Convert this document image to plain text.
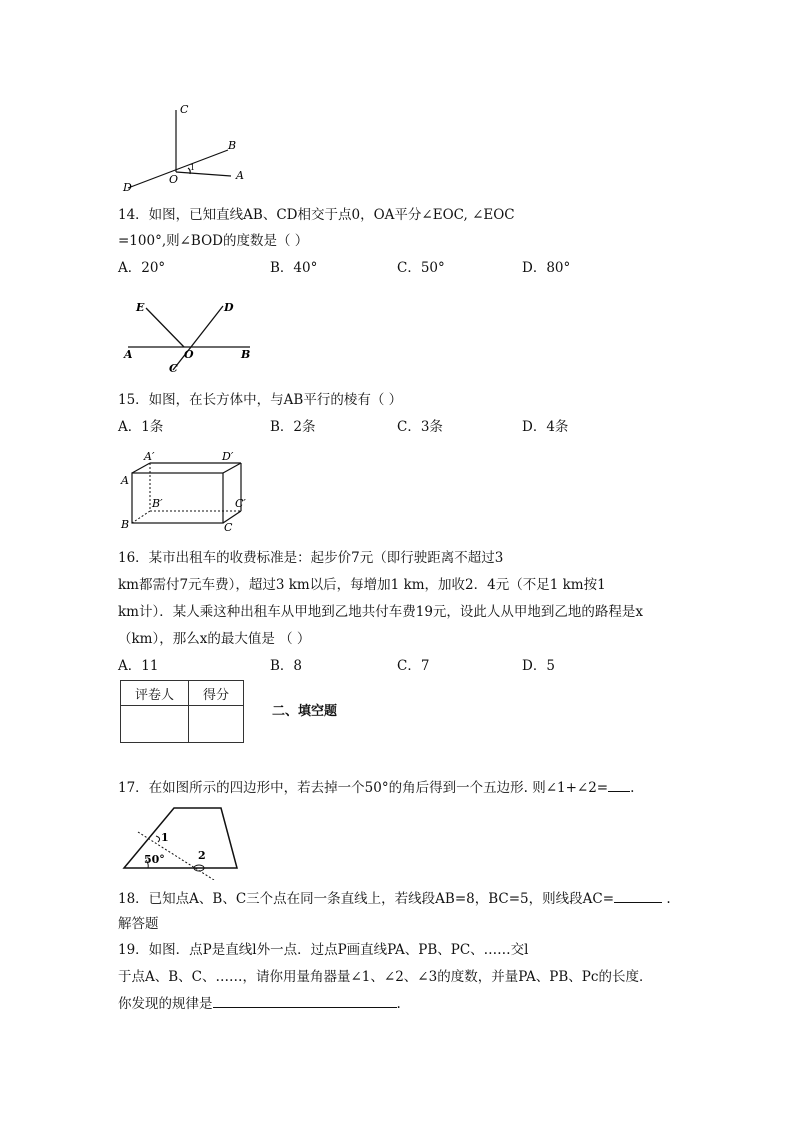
C
B
A
O
D
1
14．如图，已知直线AB、CD相交于点0，OA平分∠EOC, ∠EOC
=100°,则∠BOD的度数是（ ）
A．20°	B．40°	C．50°	D．80°
E	D
A	O	B
C
15．如图，在长方体中，与AB平行的棱有（ ）
A．1条	B．2条	C．3条	D．4条
A′	D′
A
B′	C′
B	C
16．某市出租车的收费标准是：起步价7元（即行驶距离不超过3
km都需付7元车费），超过3 km以后，每增加1 km，加收2．4元（不足1 km按1
km计）．某人乘这种出租车从甲地到乙地共付车费19元，设此人从甲地到乙地的路程是x
（km），那么x的最大值是 （ ）
A．11	B．8	C．7	D．5
评卷人	得分

二、填空题
17．在如图所示的四边形中，若去掉一个50°的角后得到一个五边形. 则∠1+∠2= .
1
50°	2
18．已知点A、B、C三个点在同一条直线上，若线段AB=8，BC=5，则线段AC=	.
解答题
19．如图．点P是直线l外一点．过点P画直线PA、PB、PC、……交l
于点A、B、C、……，请你用量角器量∠1、∠2、∠3的度数，并量PA、PB、Pc的长度．
你发现的规律是	.
